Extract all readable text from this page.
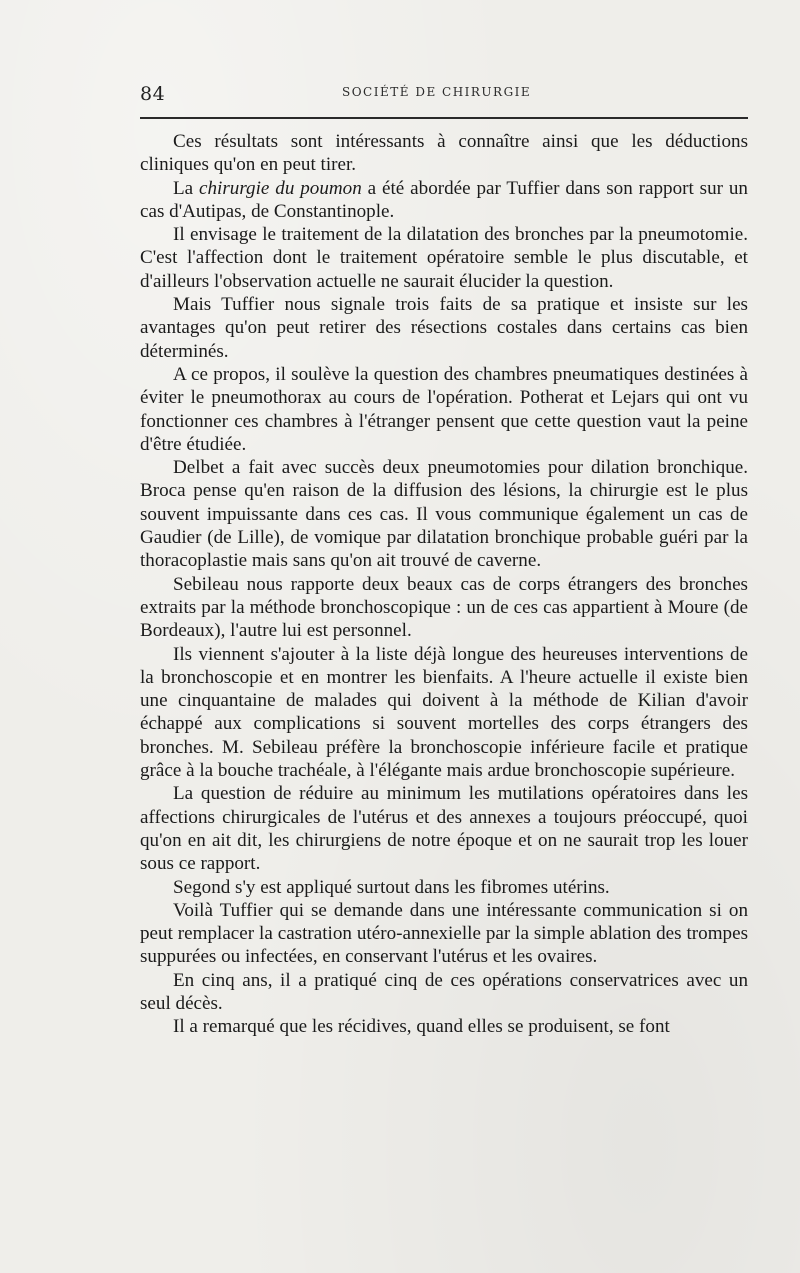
84	SOCIÉTÉ DE CHIRURGIE

Ces résultats sont intéressants à connaître ainsi que les déductions cliniques qu'on en peut tirer.

La chirurgie du poumon a été abordée par Tuffier dans son rapport sur un cas d'Autipas, de Constantinople.

Il envisage le traitement de la dilatation des bronches par la pneumotomie. C'est l'affection dont le traitement opératoire semble le plus discutable, et d'ailleurs l'observation actuelle ne saurait élucider la question.

Mais Tuffier nous signale trois faits de sa pratique et insiste sur les avantages qu'on peut retirer des résections costales dans certains cas bien déterminés.

A ce propos, il soulève la question des chambres pneumatiques destinées à éviter le pneumothorax au cours de l'opération. Potherat et Lejars qui ont vu fonctionner ces chambres à l'étranger pensent que cette question vaut la peine d'être étudiée.

Delbet a fait avec succès deux pneumotomies pour dilation bronchique. Broca pense qu'en raison de la diffusion des lésions, la chirurgie est le plus souvent impuissante dans ces cas. Il vous communique également un cas de Gaudier (de Lille), de vomique par dilatation bronchique probable guéri par la thoracoplastie mais sans qu'on ait trouvé de caverne.

Sebileau nous rapporte deux beaux cas de corps étrangers des bronches extraits par la méthode bronchoscopique : un de ces cas appartient à Moure (de Bordeaux), l'autre lui est personnel.

Ils viennent s'ajouter à la liste déjà longue des heureuses interventions de la bronchoscopie et en montrer les bienfaits. A l'heure actuelle il existe bien une cinquantaine de malades qui doivent à la méthode de Kilian d'avoir échappé aux complications si souvent mortelles des corps étrangers des bronches. M. Sebileau préfère la bronchoscopie inférieure facile et pratique grâce à la bouche trachéale, à l'élégante mais ardue bronchoscopie supérieure.

La question de réduire au minimum les mutilations opératoires dans les affections chirurgicales de l'utérus et des annexes a toujours préoccupé, quoi qu'on en ait dit, les chirurgiens de notre époque et on ne saurait trop les louer sous ce rapport.

Segond s'y est appliqué surtout dans les fibromes utérins.

Voilà Tuffier qui se demande dans une intéressante communication si on peut remplacer la castration utéro-annexielle par la simple ablation des trompes suppurées ou infectées, en conservant l'utérus et les ovaires.

En cinq ans, il a pratiqué cinq de ces opérations conservatrices avec un seul décès.

Il a remarqué que les récidives, quand elles se produisent, se font
